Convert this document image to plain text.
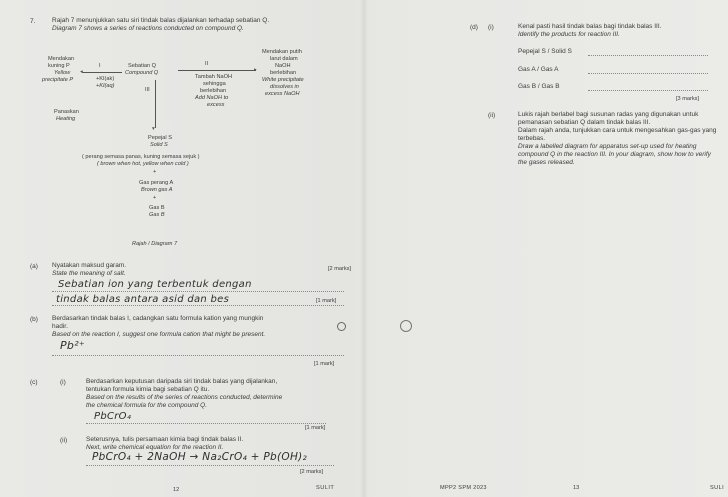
7.	Rajah 7 menunjukkan satu siri tindak balas dijalankan terhadap sebatian Q.
Diagram 7 shows a series of reactions conducted on compound Q.
Mendakan
kuning P
Yellow
precipitate P
I
◂
+KI(ak)
+KI(aq)
Sebatian Q
Compound Q
II
▸
Tambah NaOH
sehingga
berlebihan
Add NaOH to
excess
Mendakan putih
larut dalam
NaOH
berlebihan
White precipitate
dissolves in
excess NaOH
III
▾
Panaskan
Heating
Pepejal S
Solid S
( perang semasa panas, kuning semasa sejuk )
( brown when hot, yellow when cold )
+
Gas perang A
Brown gas A
+
Gas B
Gas B
Rajah / Diagram 7
(a) Nyatakan maksud garam.
State the meaning of salt.
[2 marks]
Sebatian ion yang terbentuk dengan
tindak balas antara asid dan bes	[1 mark]
(b) Berdasarkan tindak balas I, cadangkan satu formula kation yang mungkin
hadir.
Based on the reaction I, suggest one formula cation that might be present.
Pb²⁺
[1 mark]
(c)	(i)	Berdasarkan keputusan daripada siri tindak balas yang dijalankan,
tentukan formula kimia bagi sebatian Q itu.
Based on the results of the series of reactions conducted, determine
the chemical formula for the compound Q.
PbCrO₄
[1 mark]
(ii)	Seterusnya, tulis persamaan kimia bagi tindak balas II.
Next, write chemical equation for the reaction II.
PbCrO₄ + 2NaOH → Na₂CrO₄ + Pb(OH)₂
[2 marks]
(d) (i)	Kenal pasti hasil tindak balas bagi tindak balas III.
Identify the products for reaction III.
Pepejal S / Solid S
Gas A / Gas A
Gas B / Gas B
[3 marks]
(ii)	Lukis rajah berlabel bagi susunan radas yang digunakan untuk
pemanasan sebatian Q dalam tindak balas III.
Dalam rajah anda, tunjukkan cara untuk mengesahkan gas-gas yang
terbebas.
Draw a labelled diagram for apparatus set-up used for heating
compound Q in the reaction III. In your diagram, show how to verify
the gases released.
12	SULIT	MPP2 SPM 2023	13	SULI
